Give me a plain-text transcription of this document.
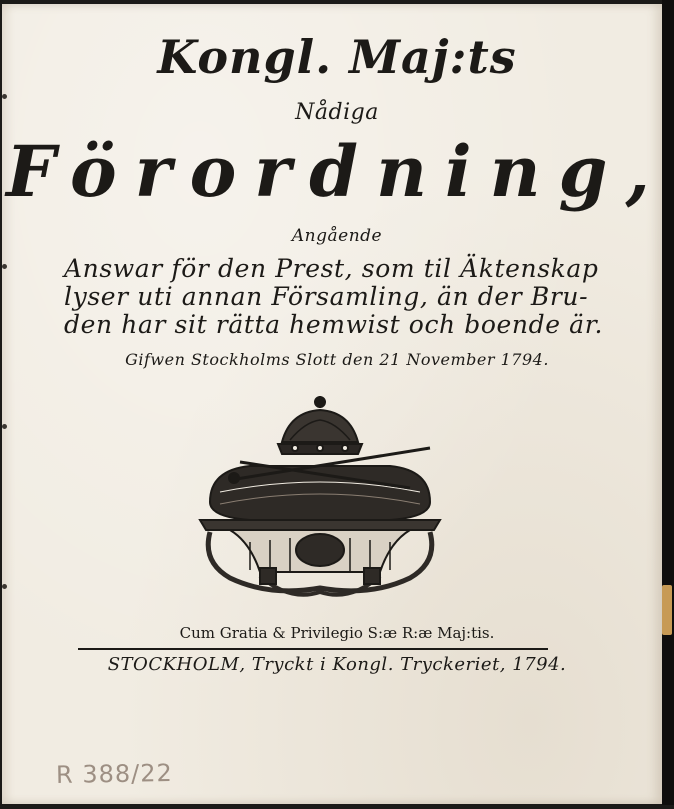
Kongl. Maj:ts
Nådiga
Förordning,
Angående
Answar för den Prest, som til Äktenskap
lyser uti annan Församling, än der Bru-
den har sit rätta hemwist och boende är.
Gifwen Stockholms Slott den 21 November 1794.
Cum Gratia & Privilegio S:æ R:æ Maj:tis.
STOCKHOLM, Tryckt i Kongl. Tryckeriet, 1794.
R 388/22
